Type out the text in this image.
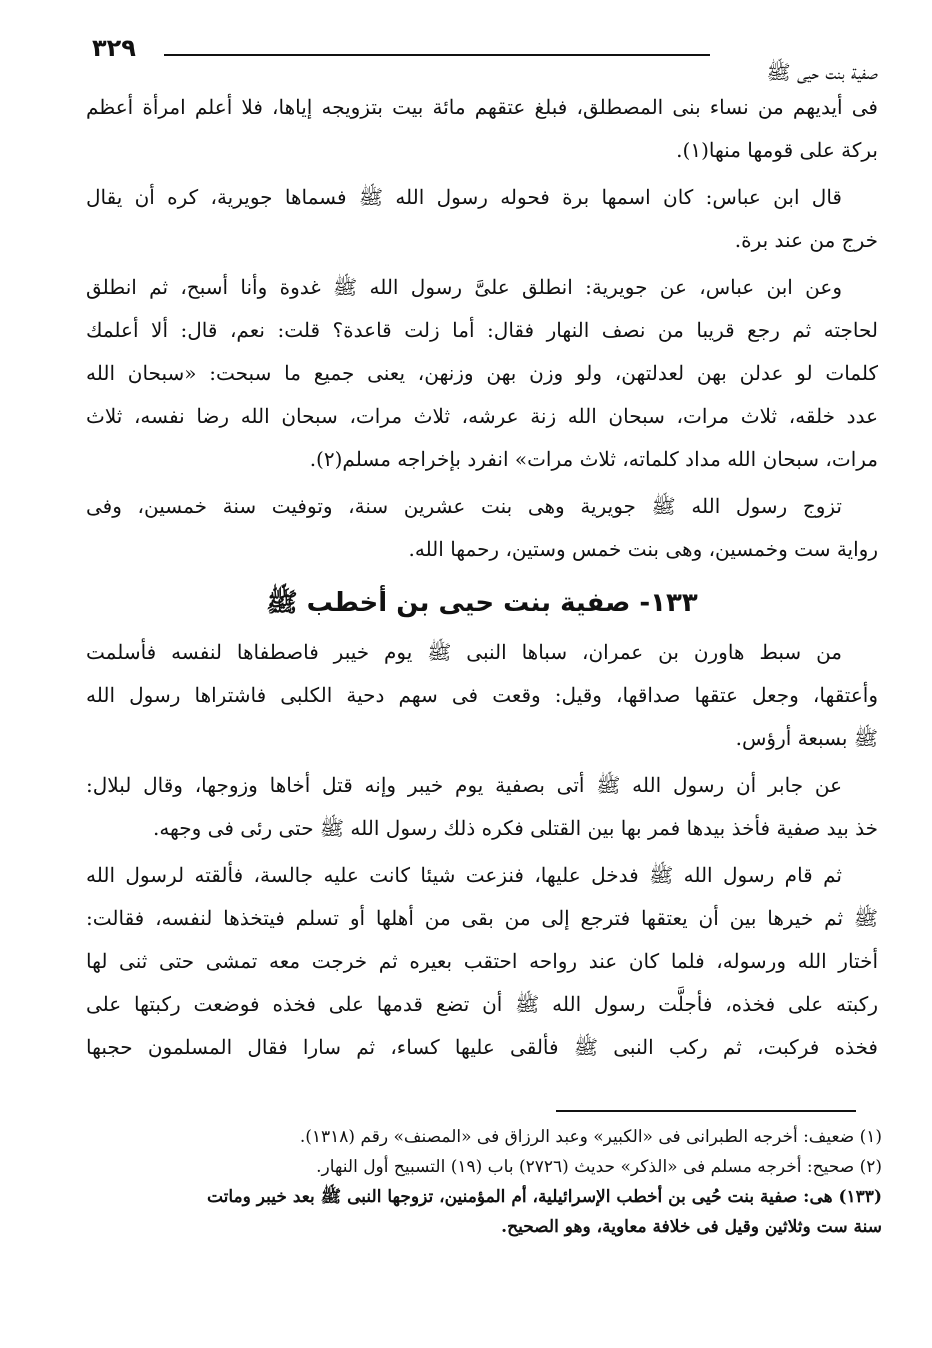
٣٢٩
صفية بنت حيى ﷺ
فى أيديهم من نساء بنى المصطلق، فبلغ عتقهم مائة بيت بتزويجه إياها، فلا أعلم امرأة أعظم
بركة على قومها منها(١).
قال ابن عباس: كان اسمها برة فحوله رسول الله ﷺ فسماها جويرية، كره أن يقال
خرج من عند برة.
وعن ابن عباس، عن جويرية: انطلق علىَّ رسول الله ﷺ غدوة وأنا أسبح، ثم انطلق
لحاجته ثم رجع قريبا من نصف النهار فقال: أما زلت قاعدة؟ قلت: نعم، قال: ألا أعلمك
كلمات لو عدلن بهن لعدلتهن، ولو وزن بهن وزنهن، يعنى جميع ما سبحت: «سبحان الله
عدد خلقه، ثلاث مرات، سبحان الله زنة عرشه، ثلاث مرات، سبحان الله رضا نفسه، ثلاث
مرات، سبحان الله مداد كلماته، ثلاث مرات» انفرد بإخراجه مسلم(٢).
تزوج رسول الله ﷺ جويرية وهى بنت عشرين سنة، وتوفيت سنة خمسين، وفى
رواية ست وخمسين، وهى بنت خمس وستين، رحمها الله.
١٣٣- صفية بنت حيى بن أخطب ﷺ
من سبط هاورن بن عمران، سباها النبى ﷺ يوم خيبر فاصطفاها لنفسه فأسلمت
وأعتقها، وجعل عتقها صداقها، وقيل: وقعت فى سهم دحية الكلبى فاشتراها رسول الله
ﷺ بسبعة أرؤس.
عن جابر أن رسول الله ﷺ أتى بصفية يوم خيبر وإنه قتل أخاها وزوجها، وقال لبلال:
خذ بيد صفية فأخذ بيدها فمر بها بين القتلى فكره ذلك رسول الله ﷺ حتى رئى فى وجهه.
ثم قام رسول الله ﷺ فدخل عليها، فنزعت شيئا كانت عليه جالسة، فألقته لرسول الله
ﷺ ثم خيرها بين أن يعتقها فترجع إلى من بقى من أهلها أو تسلم فيتخذها لنفسه، فقالت:
أختار الله ورسوله، فلما كان عند رواحه احتقب بعيره ثم خرجت معه تمشى حتى ثنى لها
ركبته على فخذه، فأجلَّت رسول الله ﷺ أن تضع قدمها على فخذه فوضعت ركبتها على
فخذه فركبت، ثم ركب النبى ﷺ فألقى عليها كساء، ثم سارا فقال المسلمون حجبها
(١) ضعيف: أخرجه الطبرانى فى «الكبير» وعبد الرزاق فى «المصنف» رقم (١٣١٨).
(٢) صحيح: أخرجه مسلم فى «الذكر» حديث (٢٧٢٦) باب (١٩) التسبيح أول النهار.
(١٣٣) هى: صفية بنت حُيى بن أخطب الإسرائيلية، أم المؤمنين، تزوجها النبى ﷺ بعد خيبر وماتت
سنة ست وثلاثين وقيل فى خلافة معاوية، وهو الصحيح.
